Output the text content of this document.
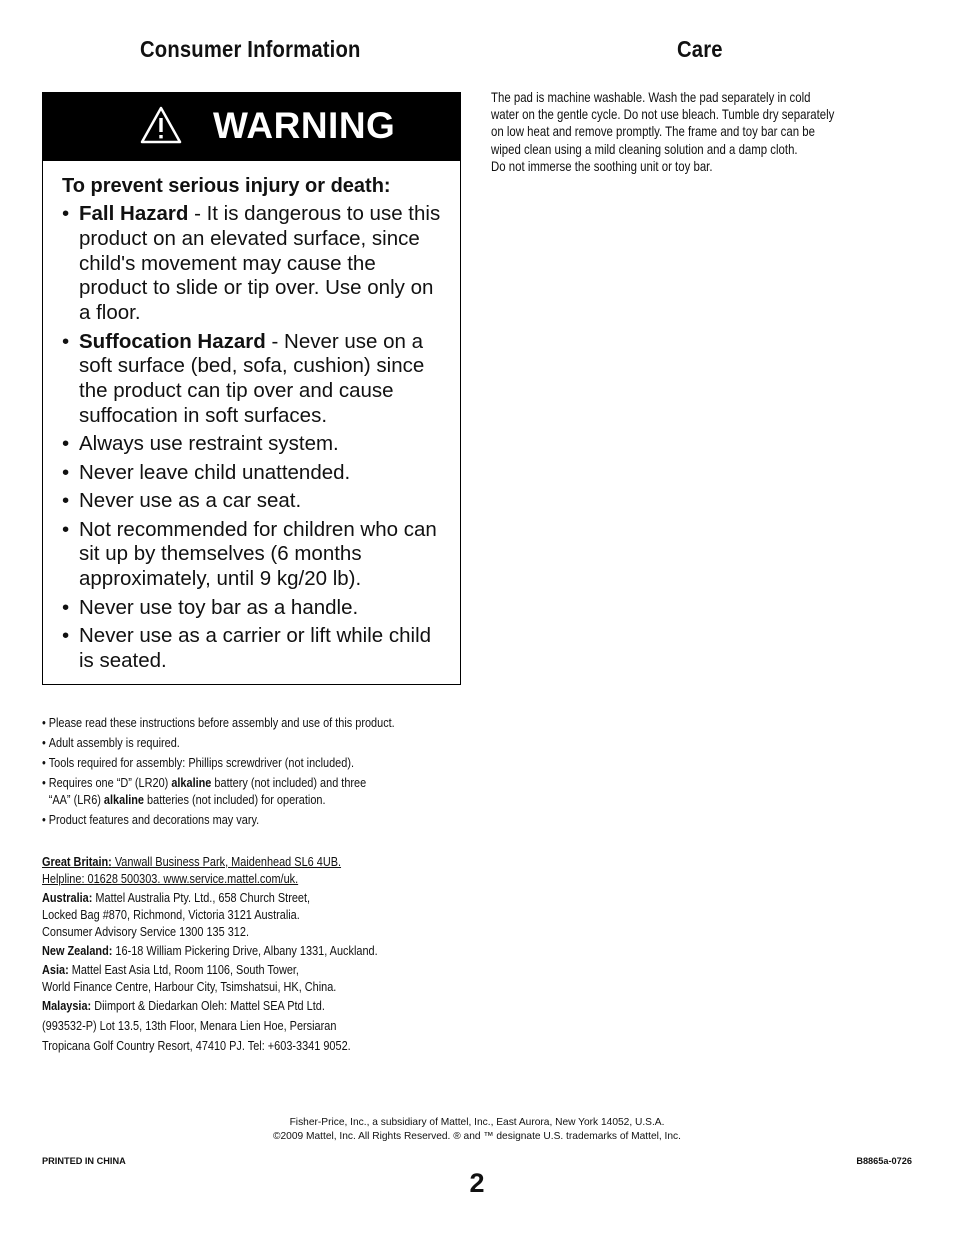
Consumer Information	Care
WARNING
To prevent serious injury or death:
• Fall Hazard - It is dangerous to use this product on an elevated surface, since child's movement may cause the product to slide or tip over. Use only on a floor.
• Suffocation Hazard - Never use on a soft surface (bed, sofa, cushion) since the product can tip over and cause suffocation in soft surfaces.
• Always use restraint system.
• Never leave child unattended.
• Never use as a car seat.
• Not recommended for children who can sit up by themselves (6 months approximately, until 9 kg/20 lb).
• Never use toy bar as a handle.
• Never use as a carrier or lift while child is seated.
• Please read these instructions before assembly and use of this product.
• Adult assembly is required.
• Tools required for assembly: Phillips screwdriver (not included).
• Requires one “D” (LR20) alkaline battery (not included) and three
“AA” (LR6) alkaline batteries (not included) for operation.
• Product features and decorations may vary.
Great Britain: Vanwall Business Park, Maidenhead SL6 4UB.
Helpline: 01628 500303. www.service.mattel.com/uk.
Australia: Mattel Australia Pty. Ltd., 658 Church Street,
Locked Bag #870, Richmond, Victoria 3121 Australia.
Consumer Advisory Service 1300 135 312.
New Zealand: 16-18 William Pickering Drive, Albany 1331, Auckland.
Asia: Mattel East Asia Ltd, Room 1106, South Tower,
World Finance Centre, Harbour City, Tsimshatsui, HK, China.
Malaysia: Diimport & Diedarkan Oleh: Mattel SEA Ptd Ltd.
(993532-P) Lot 13.5, 13th Floor, Menara Lien Hoe, Persiaran
Tropicana Golf Country Resort, 47410 PJ. Tel: +603-3341 9052.

The pad is machine washable. Wash the pad separately in cold

water on the gentle cycle. Do not use bleach. Tumble dry separately

on low heat and remove promptly. The frame and toy bar can be

wiped clean using a mild cleaning solution and a damp cloth.

Do not immerse the soothing unit or toy bar.

Fisher-Price, Inc., a subsidiary of Mattel, Inc., East Aurora, New York 14052, U.S.A.
©2009 Mattel, Inc. All Rights Reserved. ® and ™ designate U.S. trademarks of Mattel, Inc.
PRINTED IN CHINA	B8865a-0726
2
